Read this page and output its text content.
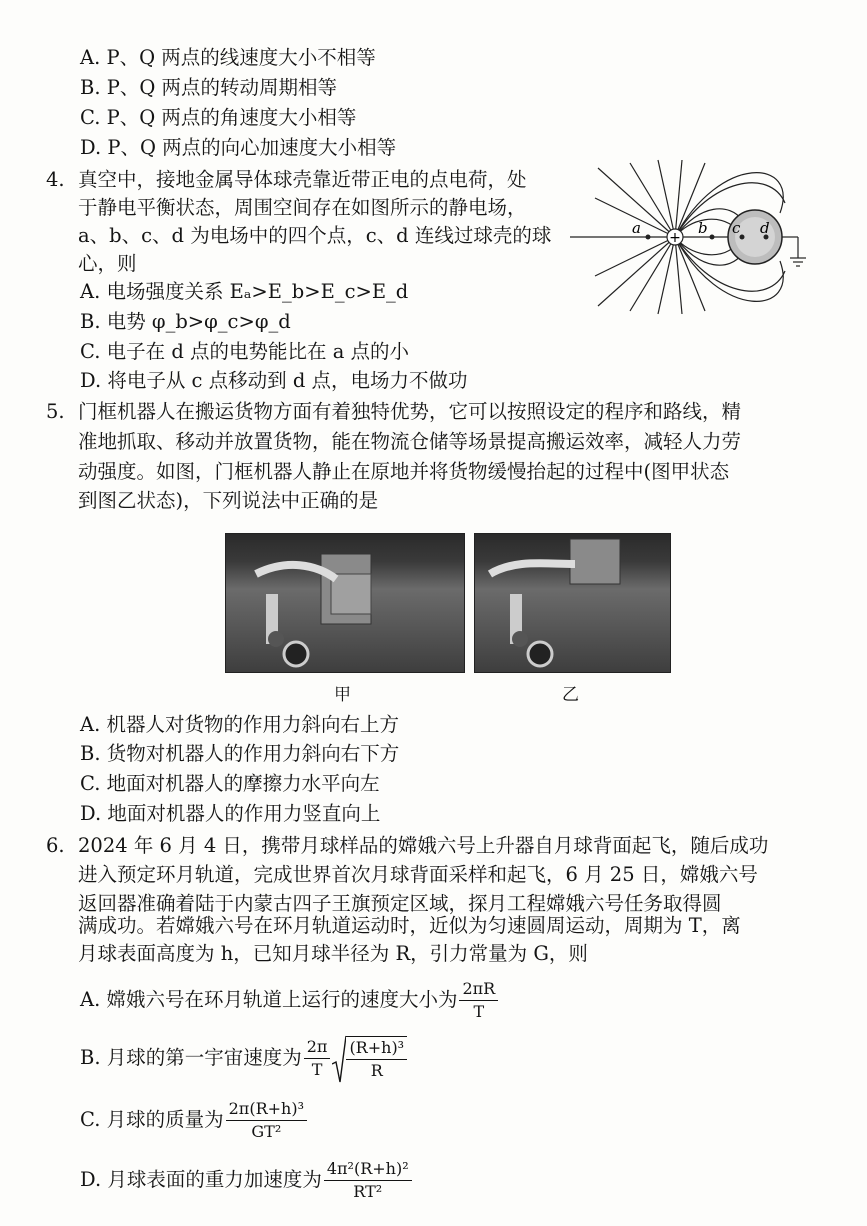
A. P、Q 两点的线速度大小不相等
B. P、Q 两点的转动周期相等
C. P、Q 两点的角速度大小相等
D. P、Q 两点的向心加速度大小相等
4. 真空中，接地金属导体球壳靠近带正电的点电荷，处
于静电平衡状态，周围空间存在如图所示的静电场，
a、b、c、d 为电场中的四个点，c、d 连线过球壳的球
心，则
+
a	b c d
A. 电场强度关系 Eₐ>E_b>E_c>E_d
B. 电势 φ_b>φ_c>φ_d
C. 电子在 d 点的电势能比在 a 点的小
D. 将电子从 c 点移动到 d 点，电场力不做功
5. 门框机器人在搬运货物方面有着独特优势，它可以按照设定的程序和路线，精
准地抓取、移动并放置货物，能在物流仓储等场景提高搬运效率，减轻人力劳
动强度。如图，门框机器人静止在原地并将货物缓慢抬起的过程中(图甲状态
到图乙状态)，下列说法中正确的是
甲	乙
A. 机器人对货物的作用力斜向右上方
B. 货物对机器人的作用力斜向右下方
C. 地面对机器人的摩擦力水平向左
D. 地面对机器人的作用力竖直向上
6. 2024 年 6 月 4 日，携带月球样品的嫦娥六号上升器自月球背面起飞，随后成功
进入预定环月轨道，完成世界首次月球背面采样和起飞，6 月 25 日，嫦娥六号
返回器准确着陆于内蒙古四子王旗预定区域，探月工程嫦娥六号任务取得圆
满成功。若嫦娥六号在环月轨道运动时，近似为匀速圆周运动，周期为 T，离
月球表面高度为 h，已知月球半径为 R，引力常量为 G，则
A. 嫦娥六号在环月轨道上运行的速度大小为 $\frac{2\pi R}{T}$
B. 月球的第一宇宙速度为 $\frac{2\pi}{T} \frac{\text{(R+h)³}}{R}$
C. 月球的质量为 $\frac{\text{2π(R+h)³}}{\text{GT²}}$
D. 月球表面的重力加速度为 $\frac{\text{4π²(R+h)²}}{\text{RT²}}$
